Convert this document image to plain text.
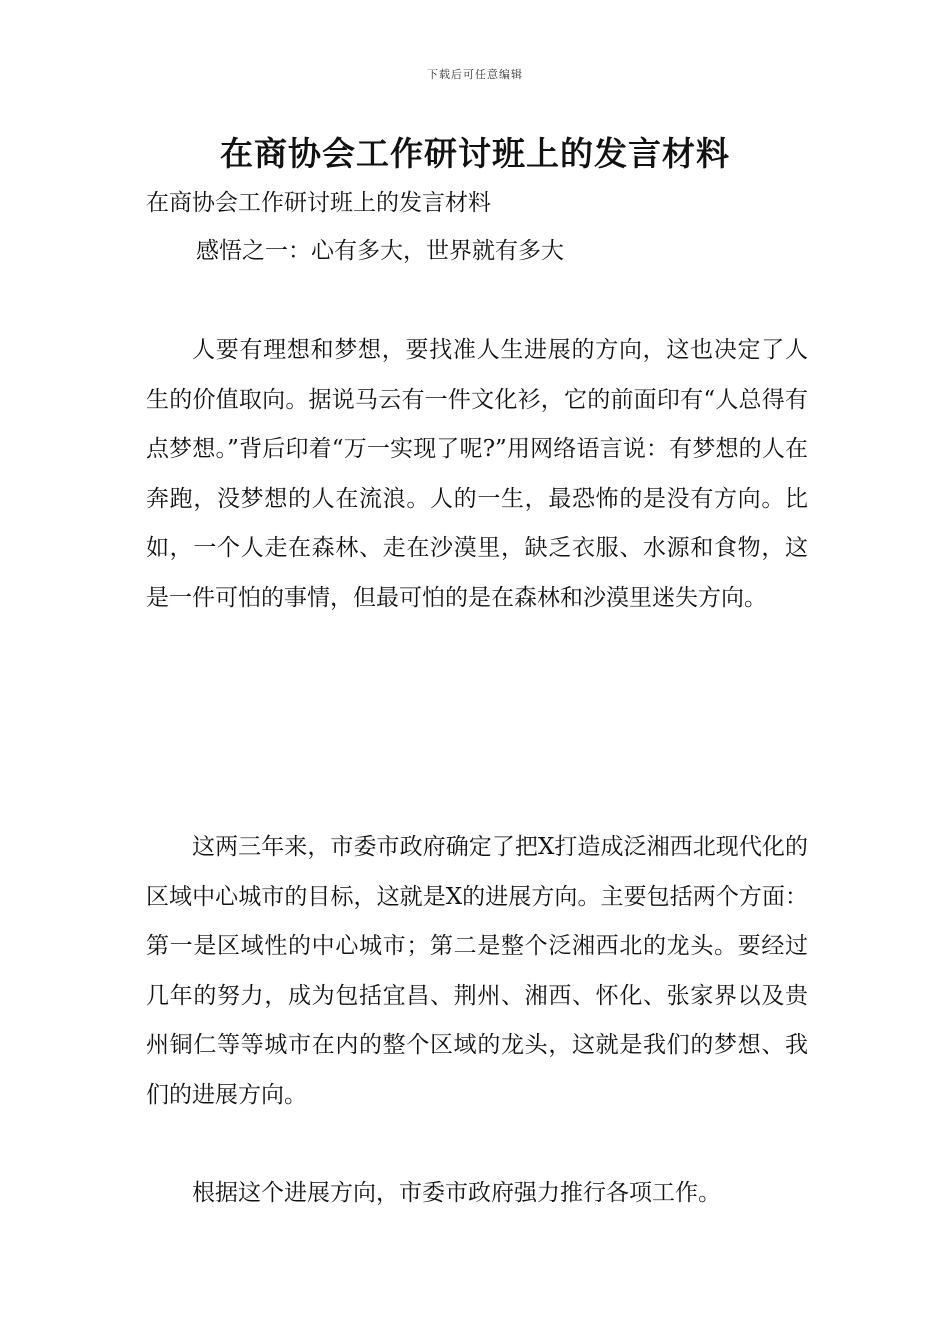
下载后可任意编辑
在商协会工作研讨班上的发言材料

在商协会工作研讨班上的发言材料

感悟之一：心有多大，世界就有多大

人要有理想和梦想，要找准人生进展的方向，这也决定了人生的价值取向。据说马云有一件文化衫，它的前面印有“人总得有点梦想。”背后印着“万一实现了呢?”用网络语言说：有梦想的人在奔跑，没梦想的人在流浪。人的一生，最恐怖的是没有方向。比如，一个人走在森林、走在沙漠里，缺乏衣服、水源和食物，这是一件可怕的事情，但最可怕的是在森林和沙漠里迷失方向。

这两三年来，市委市政府确定了把X打造成泛湘西北现代化的区域中心城市的目标，这就是X的进展方向。主要包括两个方面：第一是区域性的中心城市；第二是整个泛湘西北的龙头。要经过几年的努力，成为包括宜昌、荆州、湘西、怀化、张家界以及贵州铜仁等等城市在内的整个区域的龙头，这就是我们的梦想、我们的进展方向。

根据这个进展方向，市委市政府强力推行各项工作。
